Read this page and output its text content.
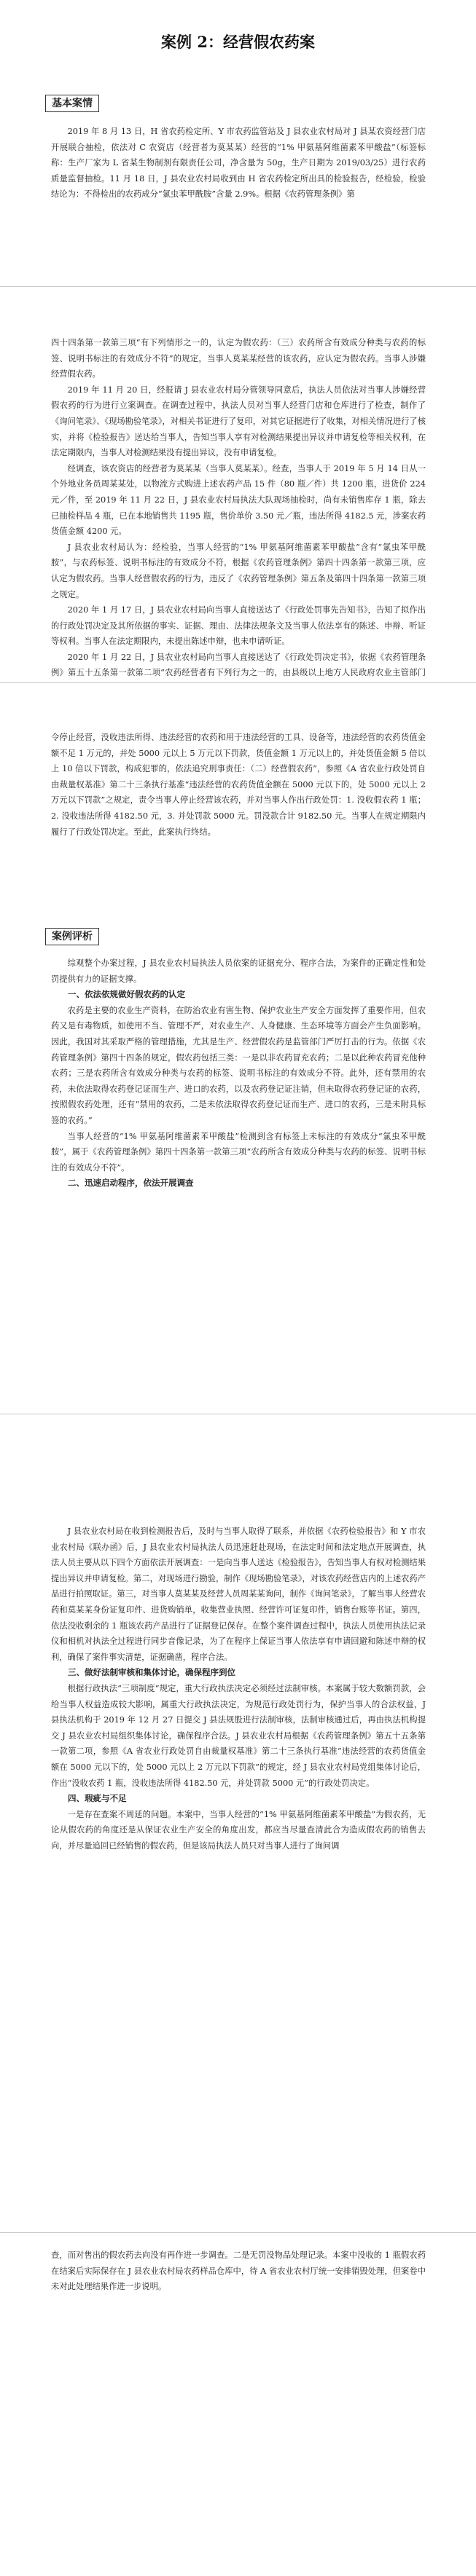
案例 2：经营假农药案
基本案情

2019 年 8 月 13 日，H 省农药检定所、Y 市农药监管站及 J 县农业农村局对 J 县某农资经营门店开展联合抽检，依法对 C 农资店（经营者为莫某某）经营的“1% 甲氨基阿维菌素苯甲酸盐”（标签标称：生产厂家为 L 省某生物制剂有限责任公司，净含量为 50g，生产日期为 2019/03/25）进行农药质量监督抽检。11 月 18 日，J 县农业农村局收到由 H 省农药检定所出具的检验报告，经检验，检验结论为：不得检出的农药成分“氯虫苯甲酰胺”含量 2.9%。根据《农药管理条例》第

四十四条第一款第三项“有下列情形之一的，认定为假农药：（三）农药所含有效成分种类与农药的标签、说明书标注的有效成分不符”的规定，当事人莫某某经营的该农药，应认定为假农药。当事人涉嫌经营假农药。

2019 年 11 月 20 日，经报请 J 县农业农村局分管领导同意后，执法人员依法对当事人涉嫌经营假农药的行为进行立案调查。在调查过程中，执法人员对当事人经营门店和仓库进行了检查，制作了《询问笔录》、《现场勘验笔录》，对相关书证进行了复印，对其它证据进行了收集，对相关情况进行了核实，并将《检验报告》送达给当事人，告知当事人享有对检测结果提出异议并申请复检等相关权利，在法定期限内，当事人对检测结果没有提出异议，没有申请复检。

经调查，该农资店的经营者为莫某某（当事人莫某某）。经查，当事人于 2019 年 5 月 14 日从一个外地业务员周某某处，以物流方式购进上述农药产品 15 件（80 瓶／件）共 1200 瓶，进货价 224 元／件，至 2019 年 11 月 22 日，J 县农业农村局执法大队现场抽检时，尚有未销售库存 1 瓶，除去已抽检样品 4 瓶，已在本地销售共 1195 瓶，售价单价 3.50 元／瓶，违法所得 4182.5 元，涉案农药货值金额 4200 元。

J 县农业农村局认为：经检验，当事人经营的“1% 甲氨基阿维菌素苯甲酸盐”含有“氯虫苯甲酰胺”，与农药标签、说明书标注的有效成分不符，根据《农药管理条例》第四十四条第一款第三项，应认定为假农药。当事人经营假农药的行为，违反了《农药管理条例》第五条及第四十四条第一款第三项之规定。

2020 年 1 月 17 日，J 县农业农村局向当事人直接送达了《行政处罚事先告知书》，告知了拟作出的行政处罚决定及其所依据的事实、证据、理由、法律法规条文及当事人依法享有的陈述、申辩、听证等权利。当事人在法定期限内，未提出陈述申辩，也未申请听证。

2020 年 1 月 22 日，J 县农业农村局向当事人直接送达了《行政处罚决定书》，依据《农药管理条例》第五十五条第一款第二项“农药经营者有下列行为之一的，由县级以上地方人民政府农业主管部门

令停止经营，没收违法所得、违法经营的农药和用于违法经营的工具、设备等，违法经营的农药货值金额不足 1 万元的，并处 5000 元以上 5 万元以下罚款，货值金额 1 万元以上的，并处货值金额 5 倍以上 10 倍以下罚款，构成犯罪的，依法追究刑事责任：（二）经营假农药”，参照《A 省农业行政处罚自由裁量权基准》第二十三条执行基准“违法经营的农药货值金额在 5000 元以下的，处 5000 元以上 2 万元以下罚款”之规定，责令当事人停止经营该农药，并对当事人作出行政处罚：1. 没收假农药 1 瓶；2. 没收违法所得 4182.50 元，3. 并处罚款 5000 元。罚没款合计 9182.50 元。当事人在规定期限内履行了行政处罚决定。至此，此案执行终结。

案例评析

综观整个办案过程，J 县农业农村局执法人员依案的证据充分、程序合法，为案件的正确定性和处罚提供有力的证据支撑。

一、依法依规做好假农药的认定

农药是主要的农业生产资料，在防治农业有害生物、保护农业生产安全方面发挥了重要作用，但农药又是有毒物质，如使用不当、管理不严，对农业生产、人身健康、生态环境等方面会产生负面影响。因此，我国对其采取严格的管理措施，尤其是生产、经营假农药是监管部门严厉打击的行为。依据《农药管理条例》第四十四条的规定，假农药包括三类：一是以非农药冒充农药；二是以此种农药冒充他种农药；三是农药所含有效成分种类与农药的标签、说明书标注的有效成分不符。此外，还有禁用的农药，未依法取得农药登记证而生产、进口的农药，以及农药登记证注销，但未取得农药登记证的农药，按照假农药处理，还有“禁用的农药，二是未依法取得农药登记证而生产、进口的农药，三是未附具标签的农药。”

当事人经营的“1% 甲氨基阿维菌素苯甲酸盐”检测到含有标签上未标注的有效成分“氯虫苯甲酰胺”，属于《农药管理条例》第四十四条第一款第三项“农药所含有效成分种类与农药的标签、说明书标注的有效成分不符”。

二、迅速启动程序，依法开展调查

J 县农业农村局在收到检测报告后，及时与当事人取得了联系，并依据《农药检验报告》和 Y 市农业农村局《联办函》后，J 县农业农村局执法人员迅速赶赴现场，在法定时间和法定地点开展调查，执法人员主要从以下四个方面依法开展调查：一是向当事人送达《检验报告》，告知当事人有权对检测结果提出异议并申请复检。第二，对现场进行勘验，制作《现场勘验笔录》，对该农药经营店内的上述农药产品进行拍照取证。第三，对当事人莫某某及经营人员周某某询问，制作《询问笔录》，了解当事人经营农药和莫某某身份证复印件、进货购销单，收集营业执照、经营许可证复印件，销售台账等书证。第四，依法没收剩余的 1 瓶该农药产品进行了证据登记保存。在整个案件调查过程中，执法人员使用执法记录仪和相机对执法全过程进行同步音像记录，为了在程序上保证当事人依法享有申请回避和陈述申辩的权利，确保了案件事实清楚，证据确凿，程序合法。

三、做好法制审核和集体讨论，确保程序到位

根据行政执法“三项制度”规定，重大行政执法决定必须经过法制审核。本案属于较大数额罚款，会给当事人权益造成较大影响，属重大行政执法决定，为规范行政处罚行为，保护当事人的合法权益，J 县执法机构于 2019 年 12 月 27 日提交 J 县法规股进行法制审核，法制审核通过后，再由执法机构提交 J 县农业农村局组织集体讨论，确保程序合法。J 县农业农村局根据《农药管理条例》第五十五条第一款第二项，参照《A 省农业行政处罚自由裁量权基准》第二十三条执行基准“违法经营的农药货值金额在 5000 元以下的，处 5000 元以上 2 万元以下罚款”的规定，经 J 县农业农村局党组集体讨论后，作出“没收农药 1 瓶，没收违法所得 4182.50 元，并处罚款 5000 元”的行政处罚决定。

四、瑕疵与不足

一是存在查案不周延的问题。本案中，当事人经营的“1% 甲氨基阿维菌素苯甲酸盐”为假农药，无论从假农药的角度还是从保证农业生产安全的角度出发，都应当尽量查清此合为造成假农药的销售去向，并尽量追回已经销售的假农药，但是该局执法人员只对当事人进行了询问调

查，而对售出的假农药去向没有再作进一步调查。二是无罚没物品处理记录。本案中没收的 1 瓶假农药在结案后实际保存在 J 县农业农村局农药样品仓库中，待 A 省农业农村厅统一安排销毁处理，但案卷中未对此处理结果作进一步说明。
